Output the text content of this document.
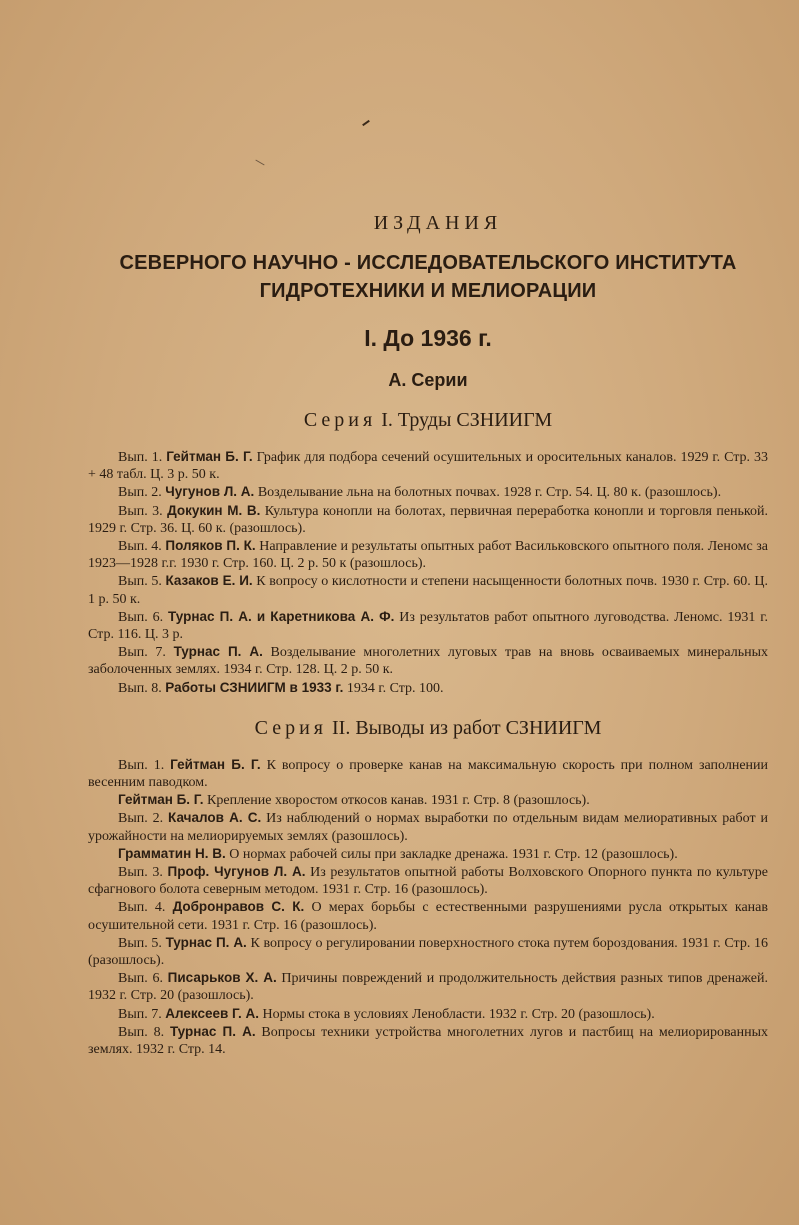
ИЗДАНИЯ
СЕВЕРНОГО НАУЧНО - ИССЛЕДОВАТЕЛЬСКОГО ИНСТИТУТА
ГИДРОТЕХНИКИ И МЕЛИОРАЦИИ
I. До 1936 г.
А. Серии
Серия I. Труды СЗНИИГМ

Вып. 1. Гейтман Б. Г. График для подбора сечений осушительных и оросительных каналов. 1929 г. Стр. 33 + 48 табл. Ц. 3 р. 50 к.

Вып. 2. Чугунов Л. А. Возделывание льна на болотных почвах. 1928 г. Стр. 54. Ц. 80 к. (разошлось).

Вып. 3. Докукин М. В. Культура конопли на болотах, первичная переработка конопли и торговля пенькой. 1929 г. Стр. 36. Ц. 60 к. (разошлось).

Вып. 4. Поляков П. К. Направление и результаты опытных работ Васильковского опытного поля. Леномс за 1923—1928 г.г. 1930 г. Стр. 160. Ц. 2 р. 50 к (разошлось).

Вып. 5. Казаков Е. И. К вопросу о кислотности и степени насыщенности болотных почв. 1930 г. Стр. 60. Ц. 1 р. 50 к.

Вып. 6. Турнас П. А. и Каретникова А. Ф. Из результатов работ опытного луговодства. Леномс. 1931 г. Стр. 116. Ц. 3 р.

Вып. 7. Турнас П. А. Возделывание многолетних луговых трав на вновь осваиваемых минеральных заболоченных землях. 1934 г. Стр. 128. Ц. 2 р. 50 к.

Вып. 8. Работы СЗНИИГМ в 1933 г. 1934 г. Стр. 100.

Серия II. Выводы из работ СЗНИИГМ

Вып. 1. Гейтман Б. Г. К вопросу о проверке канав на максимальную скорость при полном заполнении весенним паводком.

Гейтман Б. Г. Крепление хворостом откосов канав. 1931 г. Стр. 8 (разошлось).

Вып. 2. Качалов А. С. Из наблюдений о нормах выработки по отдельным видам мелиоративных работ и урожайности на мелиорируемых землях (разошлось).

Грамматин Н. В. О нормах рабочей силы при закладке дренажа. 1931 г. Стр. 12 (разошлось).

Вып. 3. Проф. Чугунов Л. А. Из результатов опытной работы Волховского Опорного пункта по культуре сфагнового болота северным методом. 1931 г. Стр. 16 (разошлось).

Вып. 4. Добронравов С. К. О мерах борьбы с естественными разрушениями русла открытых канав осушительной сети. 1931 г. Стр. 16 (разошлось).

Вып. 5. Турнас П. А. К вопросу о регулировании поверхностного стока путем бороздования. 1931 г. Стр. 16 (разошлось).

Вып. 6. Писарьков Х. А. Причины повреждений и продолжительность действия разных типов дренажей. 1932 г. Стр. 20 (разошлось).

Вып. 7. Алексеев Г. А. Нормы стока в условиях Ленобласти. 1932 г. Стр. 20 (разошлось).

Вып. 8. Турнас П. А. Вопросы техники устройства многолетних лугов и пастбищ на мелиорированных землях. 1932 г. Стр. 14.
